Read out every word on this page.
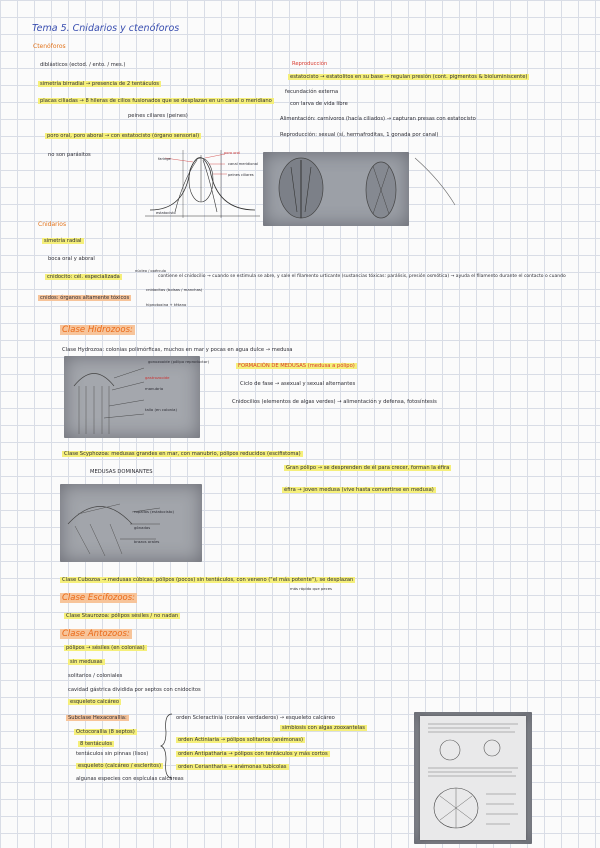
Tema 5. Cnidarios y ctenóforos
Ctenóforos
diblásticos (ectod. / ento. / mes.)
simetría birradial → presencia de 2 tentáculos
placas ciliadas → 8 hileras de cilios fusionados que se desplazan en un canal o meridiano
peines ciliares (peines)
poro oral, poro aboral → con estatocisto (órgano sensorial)
no son parásitos
Reproducción
estatocisto → estatolitos en su base → regulan presión (cont. pigmentos & bioluminiscente)
fecundación externa
con larva de vida libre
Alimentación: carnívoros (hacía ciliados) → capturan presas con estatocisto
Reproducción: sexual (sí, hermafroditas, 1 gonada por canal)
poro oral
canal meridional
peines ciliares
faringe
estatocisto
Cnidarios
simetría radial
boca oral y aboral
cnidocito: cél. especializada
núcleo / opérculo
contiene el cnidocilio → cuando se estimula se abre, y sale el filamento urticante (sustancias tóxicas: parálisis, presión osmótica) → ayuda el filamento durante el contacto o cuando
cnidos: órganos altamente tóxicos
cnidocitos (bolsas / manchas)
hipnotoxina + tétano
Clase Hidrozoos:
Clase Hydrozoa: colonias polimórficas, muchos en mar y pocas en agua dulce → medusa
gonozooide (pólipo reproductor)
gastrozooide
manubrio
tallo (en colonia)
FORMACIÓN DE MEDUSAS (medusa a pólipo)
Ciclo de fase → asexual y sexual alternantes
Cnidocilios (elementos de algas verdes) → alimentación y defensa, fotosíntesis
Clase Scyphozoa: medusas grandes en mar, con manubrio, pólipos reducidos (escifistoma)
MEDUSAS DOMINANTES
Gran pólipo → se desprenden de él para crecer, forman la éfira
éfira → joven medusa (vive hasta convertirse en medusa)
ropalios (estatocisto)
gónadas
brazos orales
Clase Cubozoa → medusas cúbicas, pólipos (pocos) sin tentáculos, con veneno ("el más potente"), se desplazan
más rápido que peces
Clase Escifozoos:
Clase Staurozoa: pólipos sésiles / no nadan
Clase Antozoos:
pólipos → sésiles (en colonias)
sin medusas
solitarios / coloniales
cavidad gástrica dividida por septos con cnidocitos
esqueleto calcáreo
Subclase Hexacorallia:
Octocorallia (8 septos)
8 tentáculos
tentáculos sin pinnas (lisos)
esqueleto (calcáreo / escleritos)
algunas especies con espículas calcáreas
orden Scleractinia (corales verdaderos) → esqueleto calcáreo
simbiosis con algas zooxantelas
orden Actiniaria → pólipos solitarios (anémonas)
orden Antipatharia → pólipos con tentáculos y más cortos
orden Ceriantharia → anémonas tubícolas
